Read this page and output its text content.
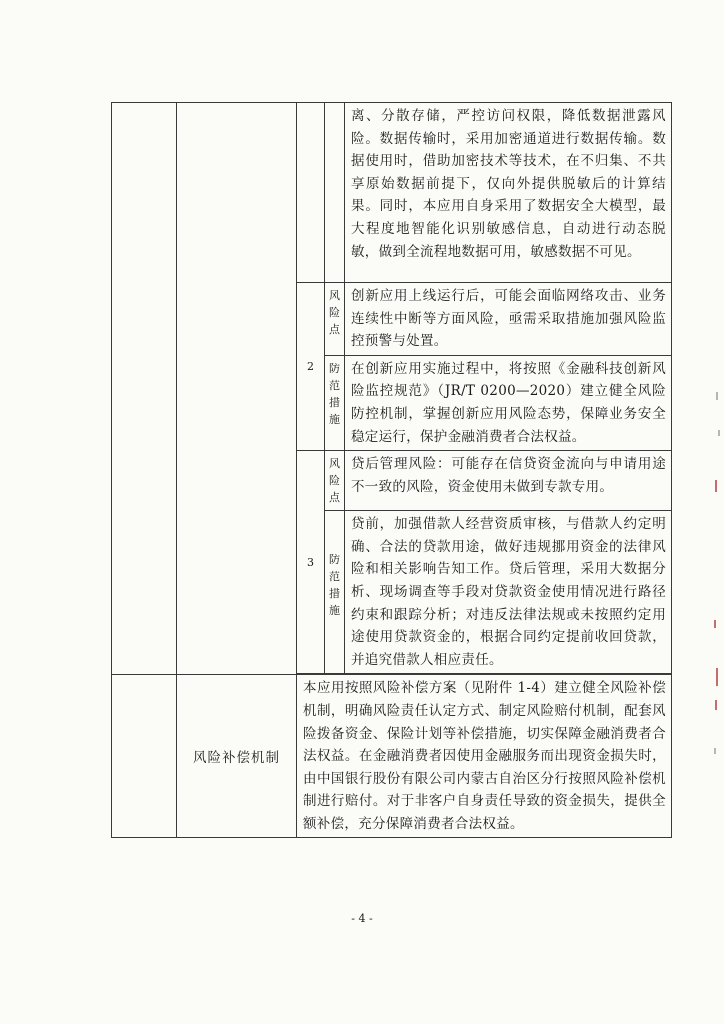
				离、分散存储，严控访问权限，降低数据泄露风险。数据传输时，采用加密通道进行数据传输。数据使用时，借助加密技术等技术，在不归集、不共享原始数据前提下，仅向外提供脱敏后的计算结果。同时，本应用自身采用了数据安全大模型，最大程度地智能化识别敏感信息，自动进行动态脱敏，做到全流程地数据可用，敏感数据不可见。

		2	风
险
点	创新应用上线运行后，可能会面临网络攻击、业务连续性中断等方面风险，亟需采取措施加强风险监控预警与处置。

			防
范
措
施	在创新应用实施过程中，将按照《金融科技创新风险监控规范》（JR/T 0200—2020）建立健全风险防控机制，掌握创新应用风险态势，保障业务安全稳定运行，保护金融消费者合法权益。

		3	风
险
点	贷后管理风险：可能存在信贷资金流向与申请用途不一致的风险，资金使用未做到专款专用。

			防
范
措
施	贷前，加强借款人经营资质审核，与借款人约定明确、合法的贷款用途，做好违规挪用资金的法律风险和相关影响告知工作。贷后管理，采用大数据分析、现场调查等手段对贷款资金使用情况进行路径约束和跟踪分析；对违反法律法规或未按照约定用途使用贷款资金的，根据合同约定提前收回贷款，并追究借款人相应责任。

	风险补偿机制	本应用按照风险补偿方案（见附件 1-4）建立健全风险补偿机制，明确风险责任认定方式、制定风险赔付机制，配套风险拨备资金、保险计划等补偿措施，切实保障金融消费者合法权益。在金融消费者因使用金融服务而出现资金损失时，由中国银行股份有限公司内蒙古自治区分行按照风险补偿机制进行赔付。对于非客户自身责任导致的资金损失，提供全额补偿，充分保障消费者合法权益。		
- 4 -
